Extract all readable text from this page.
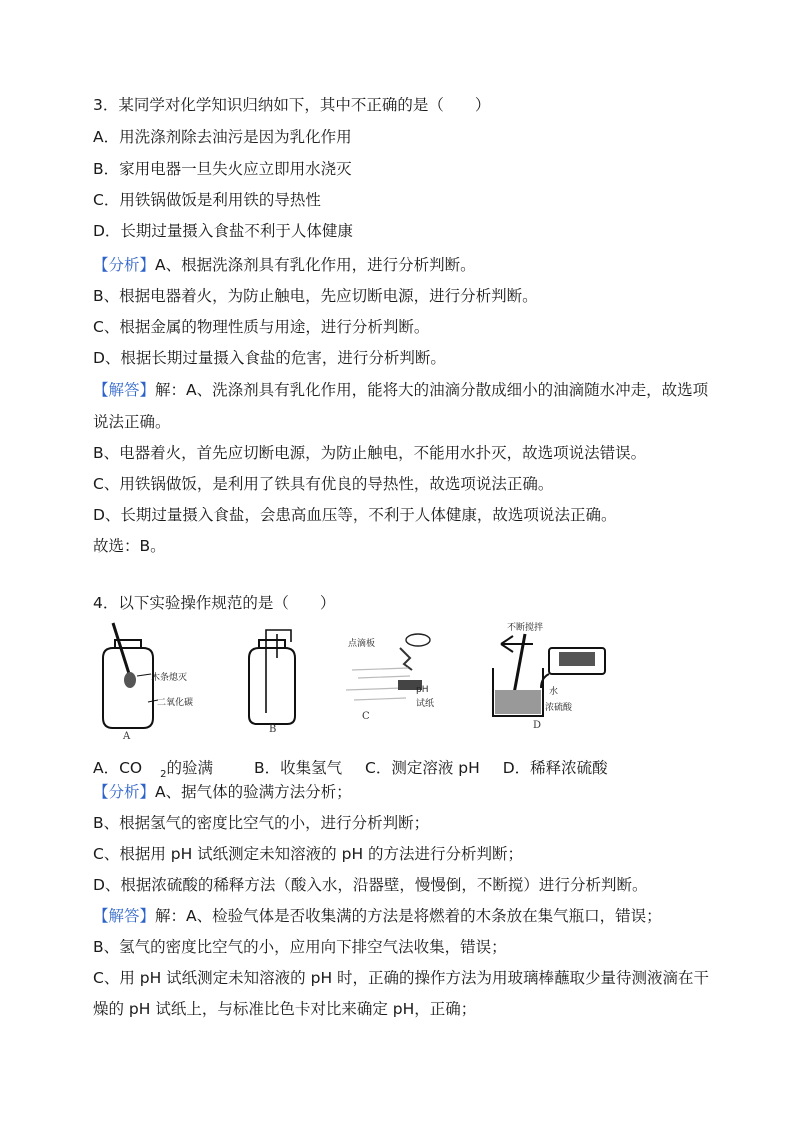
3．某同学对化学知识归纳如下，其中不正确的是（　　）
A．用洗涤剂除去油污是因为乳化作用
B．家用电器一旦失火应立即用水浇灭
C．用铁锅做饭是利用铁的导热性
D．长期过量摄入食盐不利于人体健康
【分析】A、根据洗涤剂具有乳化作用，进行分析判断。
B、根据电器着火，为防止触电，先应切断电源，进行分析判断。
C、根据金属的物理性质与用途，进行分析判断。
D、根据长期过量摄入食盐的危害，进行分析判断。
【解答】解：A、洗涤剂具有乳化作用，能将大的油滴分散成细小的油滴随水冲走，故选项
说法正确。
B、电器着火，首先应切断电源，为防止触电，不能用水扑灭，故选项说法错误。
C、用铁锅做饭，是利用了铁具有优良的导热性，故选项说法正确。
D、长期过量摄入食盐，会患高血压等，不利于人体健康，故选项说法正确。
故选：B。
4．以下实验操作规范的是（　　）
木条熄灭
二氧化碳
A
B
点滴板
pH
试纸
C
不断搅拌
水
浓硫酸
D
A．CO $_2$的验满	B．收集氢气 C．测定溶液 pH D．稀释浓硫酸
【分析】A、据气体的验满方法分析；
B、根据氢气的密度比空气的小，进行分析判断；
C、根据用 pH 试纸测定未知溶液的 pH 的方法进行分析判断；
D、根据浓硫酸的稀释方法（酸入水，沿器壁，慢慢倒，不断搅）进行分析判断。
【解答】解：A、检验气体是否收集满的方法是将燃着的木条放在集气瓶口，错误；
B、氢气的密度比空气的小，应用向下排空气法收集，错误；
C、用 pH 试纸测定未知溶液的 pH 时，正确的操作方法为用玻璃棒蘸取少量待测液滴在干
燥的 pH 试纸上，与标准比色卡对比来确定 pH，正确；
